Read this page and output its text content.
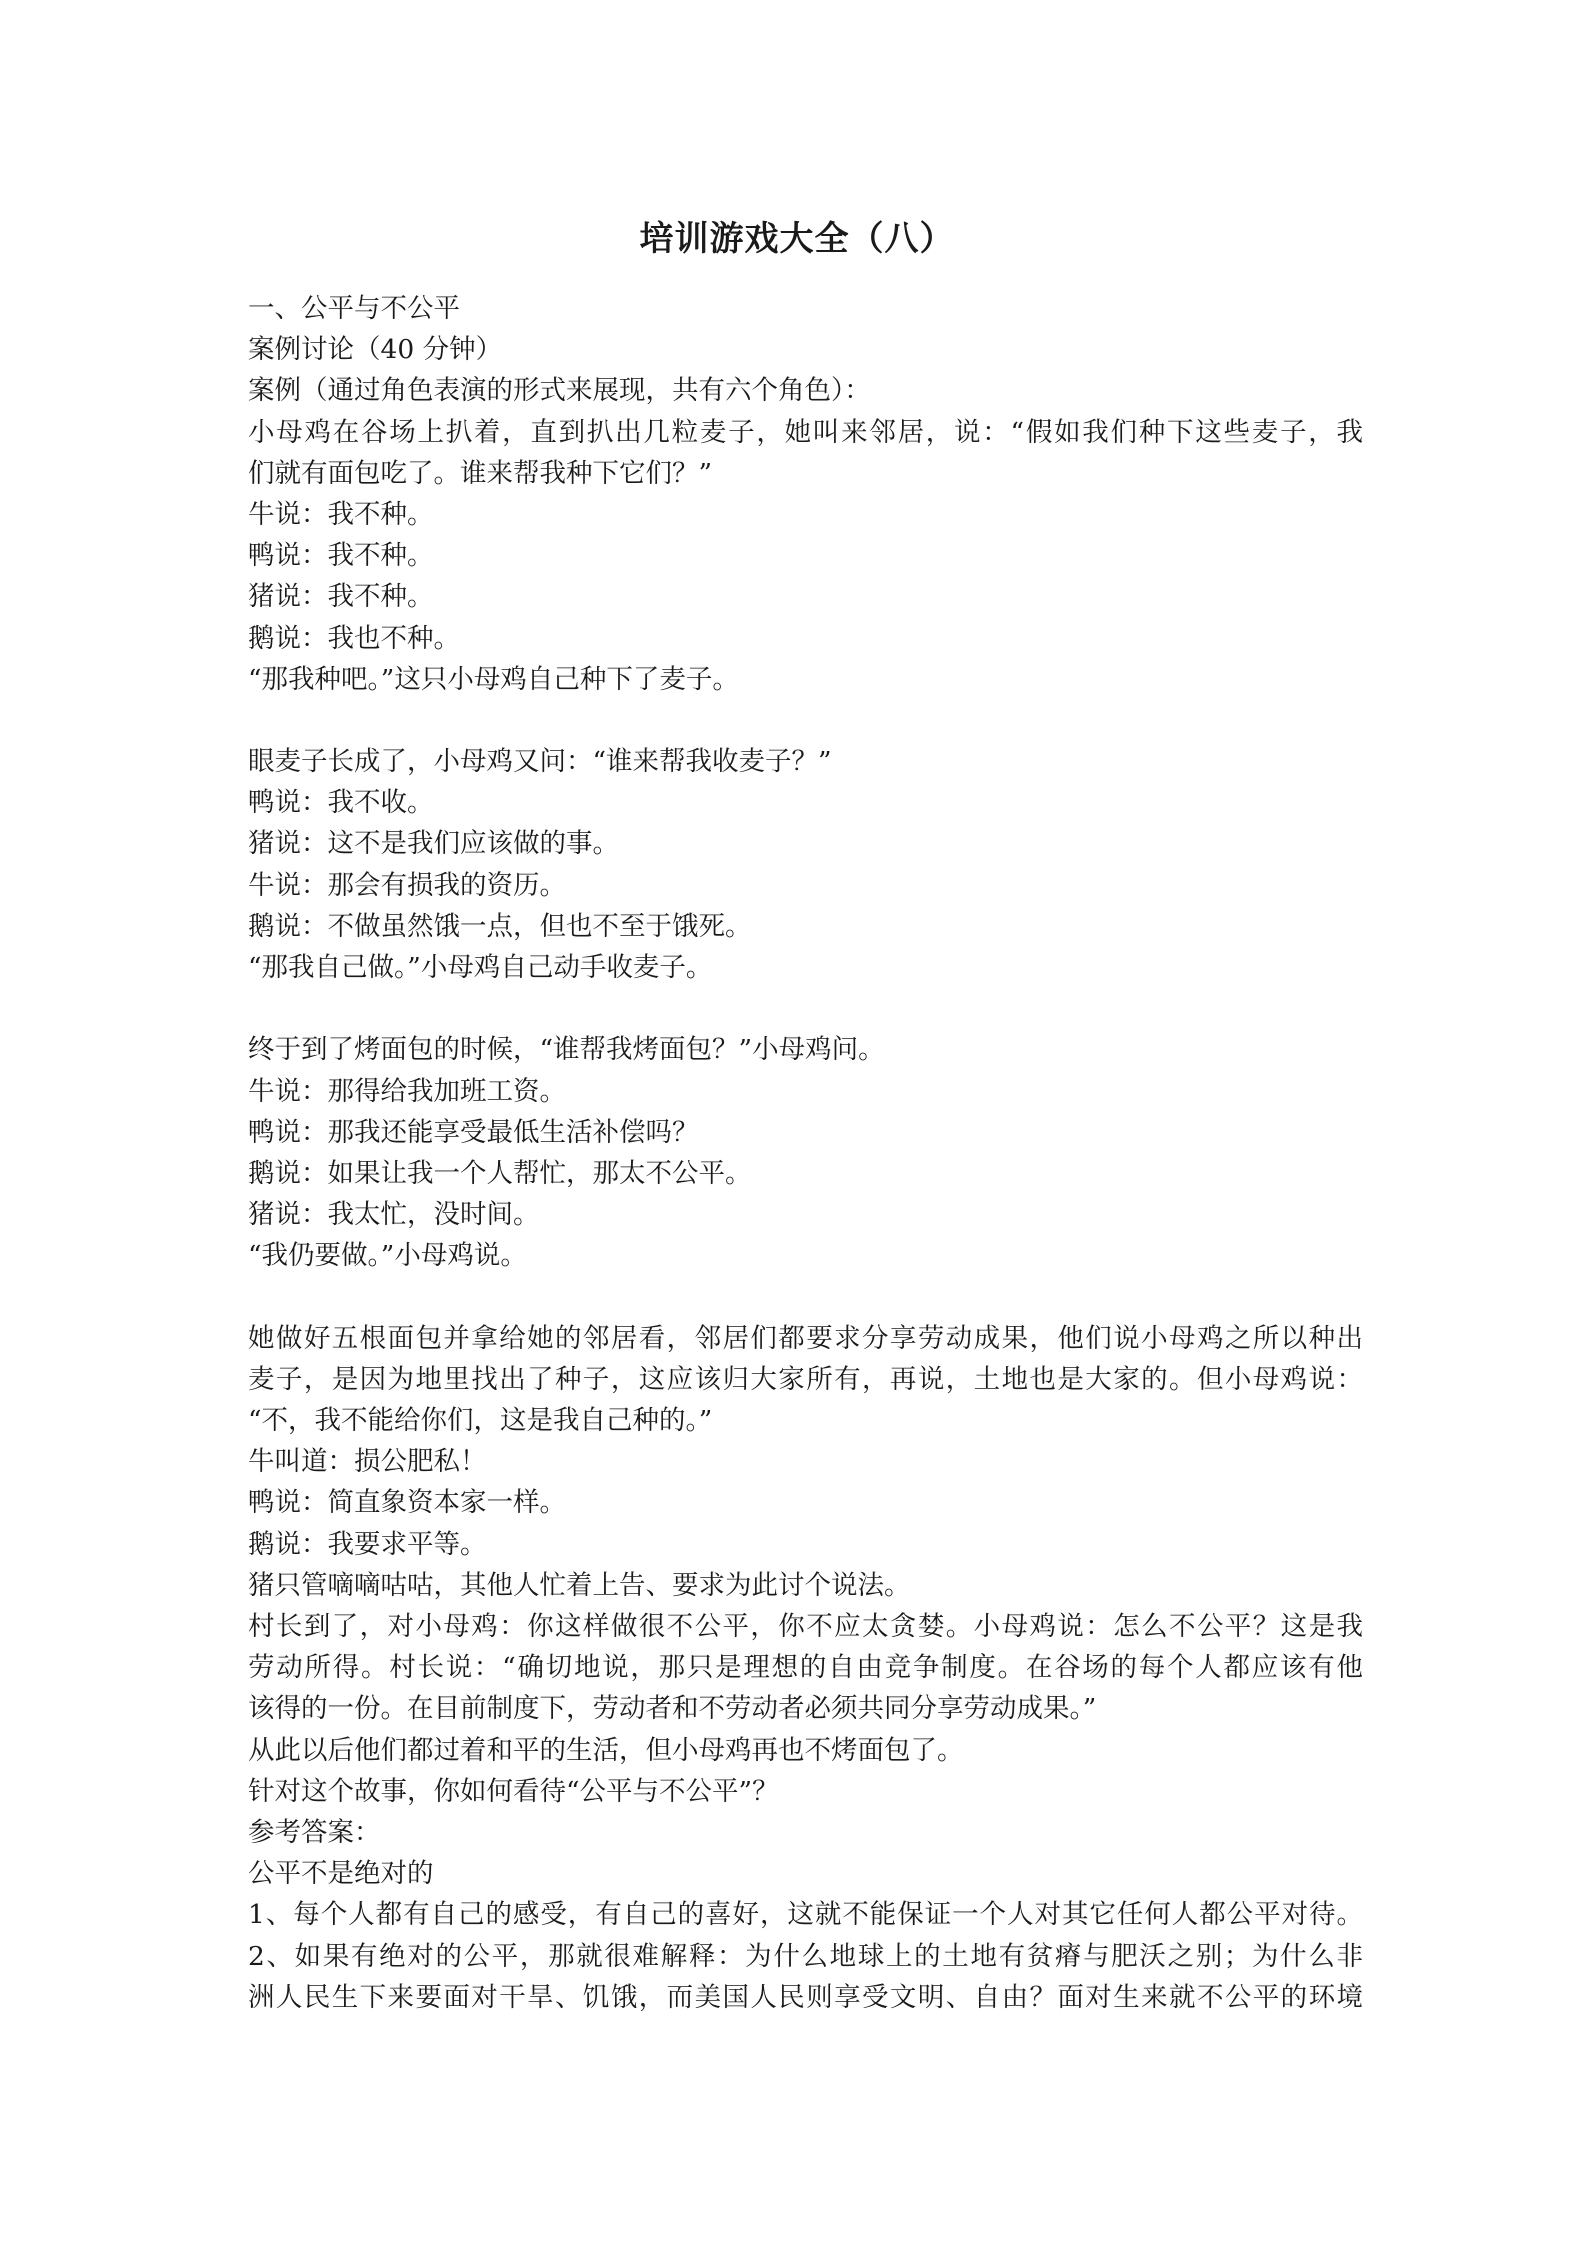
培训游戏大全（八）
一、公平与不公平
案例讨论（40 分钟）
案例（通过角色表演的形式来展现，共有六个角色）：
小母鸡在谷场上扒着，直到扒出几粒麦子，她叫来邻居，说：“假如我们种下这些麦子，我
们就有面包吃了。谁来帮我种下它们？”
牛说：我不种。
鸭说：我不种。
猪说：我不种。
鹅说：我也不种。
“那我种吧。”这只小母鸡自己种下了麦子。
眼麦子长成了，小母鸡又问：“谁来帮我收麦子？”
鸭说：我不收。
猪说：这不是我们应该做的事。
牛说：那会有损我的资历。
鹅说：不做虽然饿一点，但也不至于饿死。
“那我自己做。”小母鸡自己动手收麦子。
终于到了烤面包的时候，“谁帮我烤面包？”小母鸡问。
牛说：那得给我加班工资。
鸭说：那我还能享受最低生活补偿吗？
鹅说：如果让我一个人帮忙，那太不公平。
猪说：我太忙，没时间。
“我仍要做。”小母鸡说。
她做好五根面包并拿给她的邻居看，邻居们都要求分享劳动成果，他们说小母鸡之所以种出
麦子，是因为地里找出了种子，这应该归大家所有，再说，土地也是大家的。但小母鸡说：
“不，我不能给你们，这是我自己种的。”
牛叫道：损公肥私！
鸭说：简直象资本家一样。
鹅说：我要求平等。
猪只管嘀嘀咕咕，其他人忙着上告、要求为此讨个说法。
村长到了，对小母鸡：你这样做很不公平，你不应太贪婪。小母鸡说：怎么不公平？这是我
劳动所得。村长说：“确切地说，那只是理想的自由竞争制度。在谷场的每个人都应该有他
该得的一份。在目前制度下，劳动者和不劳动者必须共同分享劳动成果。”
从此以后他们都过着和平的生活，但小母鸡再也不烤面包了。
针对这个故事，你如何看待“公平与不公平”？
参考答案：
公平不是绝对的
1、每个人都有自己的感受，有自己的喜好，这就不能保证一个人对其它任何人都公平对待。
2、如果有绝对的公平，那就很难解释：为什么地球上的土地有贫瘠与肥沃之别；为什么非
洲人民生下来要面对干旱、饥饿，而美国人民则享受文明、自由？面对生来就不公平的环境
